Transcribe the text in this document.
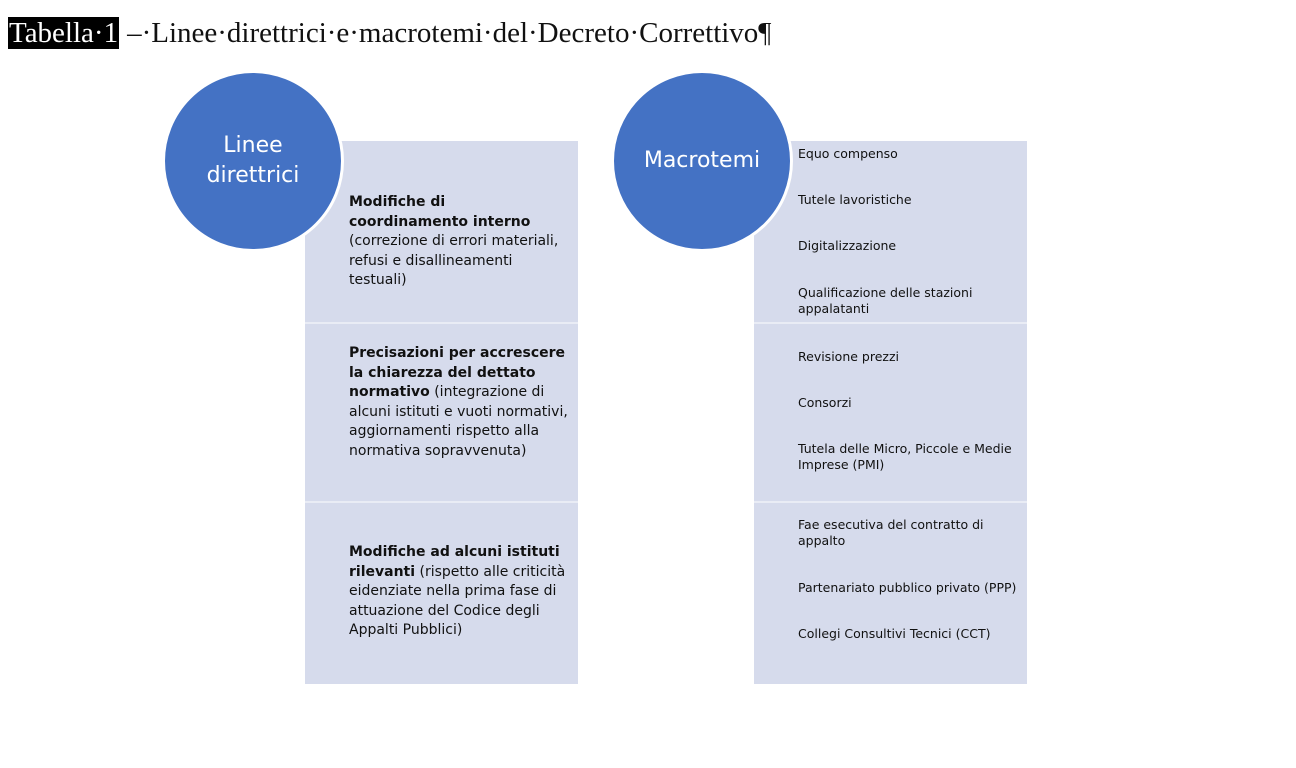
Tabella·1 –·Linee·direttrici·e·macrotemi·del·Decreto·Correttivo¶
Linee
direttrici
Modifiche di coordinamento interno (correzione di errori materiali, refusi e disallineamenti testuali)
Precisazioni per accrescere la chiarezza del dettato normativo (integrazione di alcuni istituti e vuoti normativi, aggiornamenti rispetto alla normativa sopravvenuta)
Modifiche ad alcuni istituti rilevanti (rispetto alle criticità eidenziate nella prima fase di attuazione del Codice degli Appalti Pubblici)
Macrotemi	Equo compenso
Tutele lavoristiche
Digitalizzazione
Qualificazione delle stazioni appalatanti
Revisione prezzi
Consorzi
Tutela delle Micro, Piccole e Medie Imprese (PMI)
Fae esecutiva del contratto di appalto
Partenariato pubblico privato (PPP)
Collegi Consultivi Tecnici (CCT)
